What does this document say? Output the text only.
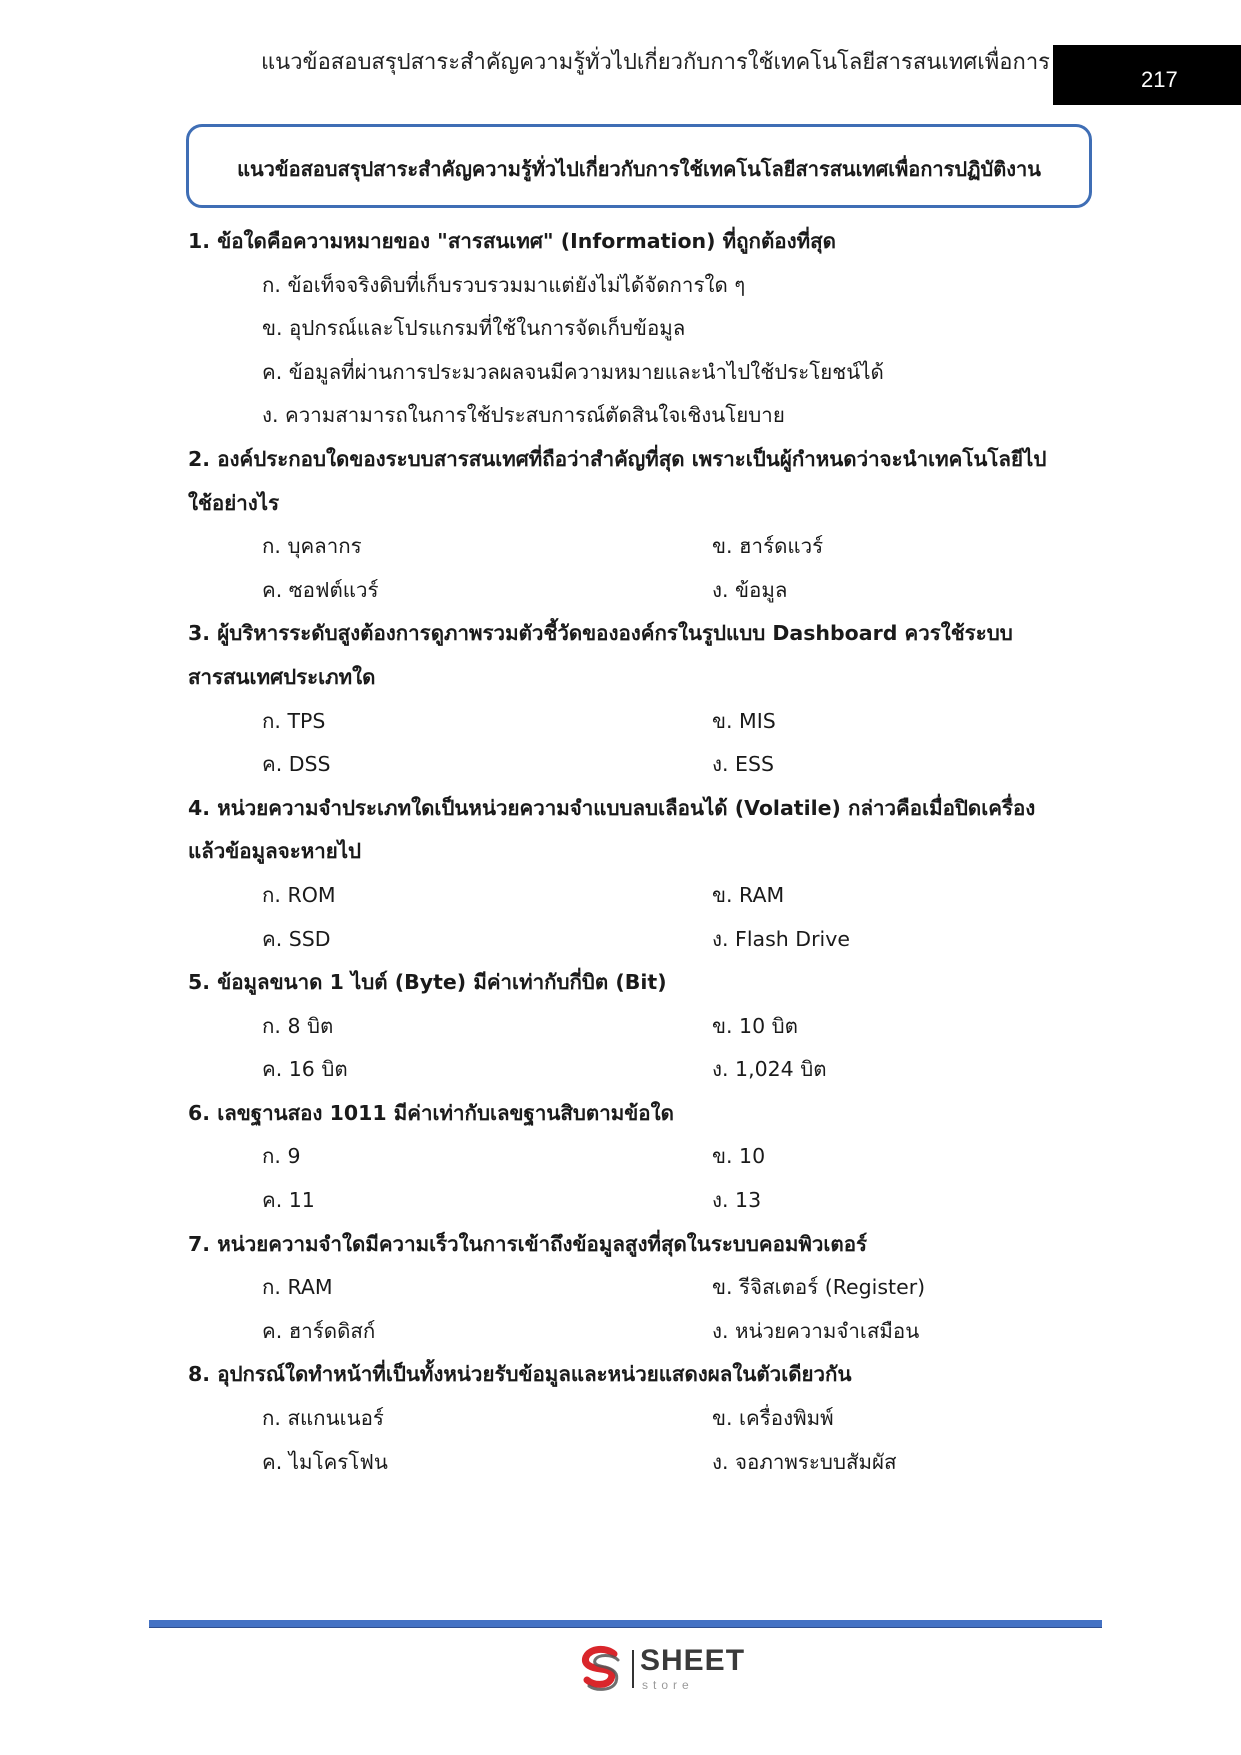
แนวข้อสอบสรุปสาระสำคัญความรู้ทั่วไปเกี่ยวกับการใช้เทคโนโลยีสารสนเทศเพื่อการ
217
แนวข้อสอบสรุปสาระสำคัญความรู้ทั่วไปเกี่ยวกับการใช้เทคโนโลยีสารสนเทศเพื่อการปฏิบัติงาน
1. ข้อใดคือความหมายของ "สารสนเทศ" (Information) ที่ถูกต้องที่สุด
ก. ข้อเท็จจริงดิบที่เก็บรวบรวมมาแต่ยังไม่ได้จัดการใด ๆ
ข. อุปกรณ์และโปรแกรมที่ใช้ในการจัดเก็บข้อมูล
ค. ข้อมูลที่ผ่านการประมวลผลจนมีความหมายและนำไปใช้ประโยชน์ได้
ง. ความสามารถในการใช้ประสบการณ์ตัดสินใจเชิงนโยบาย
2. องค์ประกอบใดของระบบสารสนเทศที่ถือว่าสำคัญที่สุด เพราะเป็นผู้กำหนดว่าจะนำเทคโนโลยีไป
ใช้อย่างไร
ก. บุคลากร	ข. ฮาร์ดแวร์
ค. ซอฟต์แวร์	ง. ข้อมูล
3. ผู้บริหารระดับสูงต้องการดูภาพรวมตัวชี้วัดขององค์กรในรูปแบบ Dashboard ควรใช้ระบบ
สารสนเทศประเภทใด
ก. TPS	ข. MIS
ค. DSS	ง. ESS
4. หน่วยความจำประเภทใดเป็นหน่วยความจำแบบลบเลือนได้ (Volatile) กล่าวคือเมื่อปิดเครื่อง
แล้วข้อมูลจะหายไป
ก. ROM	ข. RAM
ค. SSD	ง. Flash Drive
5. ข้อมูลขนาด 1 ไบต์ (Byte) มีค่าเท่ากับกี่บิต (Bit)
ก. 8 บิต	ข. 10 บิต
ค. 16 บิต	ง. 1,024 บิต
6. เลขฐานสอง 1011 มีค่าเท่ากับเลขฐานสิบตามข้อใด
ก. 9	ข. 10
ค. 11	ง. 13
7. หน่วยความจำใดมีความเร็วในการเข้าถึงข้อมูลสูงที่สุดในระบบคอมพิวเตอร์
ก. RAM	ข. รีจิสเตอร์ (Register)
ค. ฮาร์ดดิสก์	ง. หน่วยความจำเสมือน
8. อุปกรณ์ใดทำหน้าที่เป็นทั้งหน่วยรับข้อมูลและหน่วยแสดงผลในตัวเดียวกัน
ก. สแกนเนอร์	ข. เครื่องพิมพ์
ค. ไมโครโฟน	ง. จอภาพระบบสัมผัส
SHEET
store
